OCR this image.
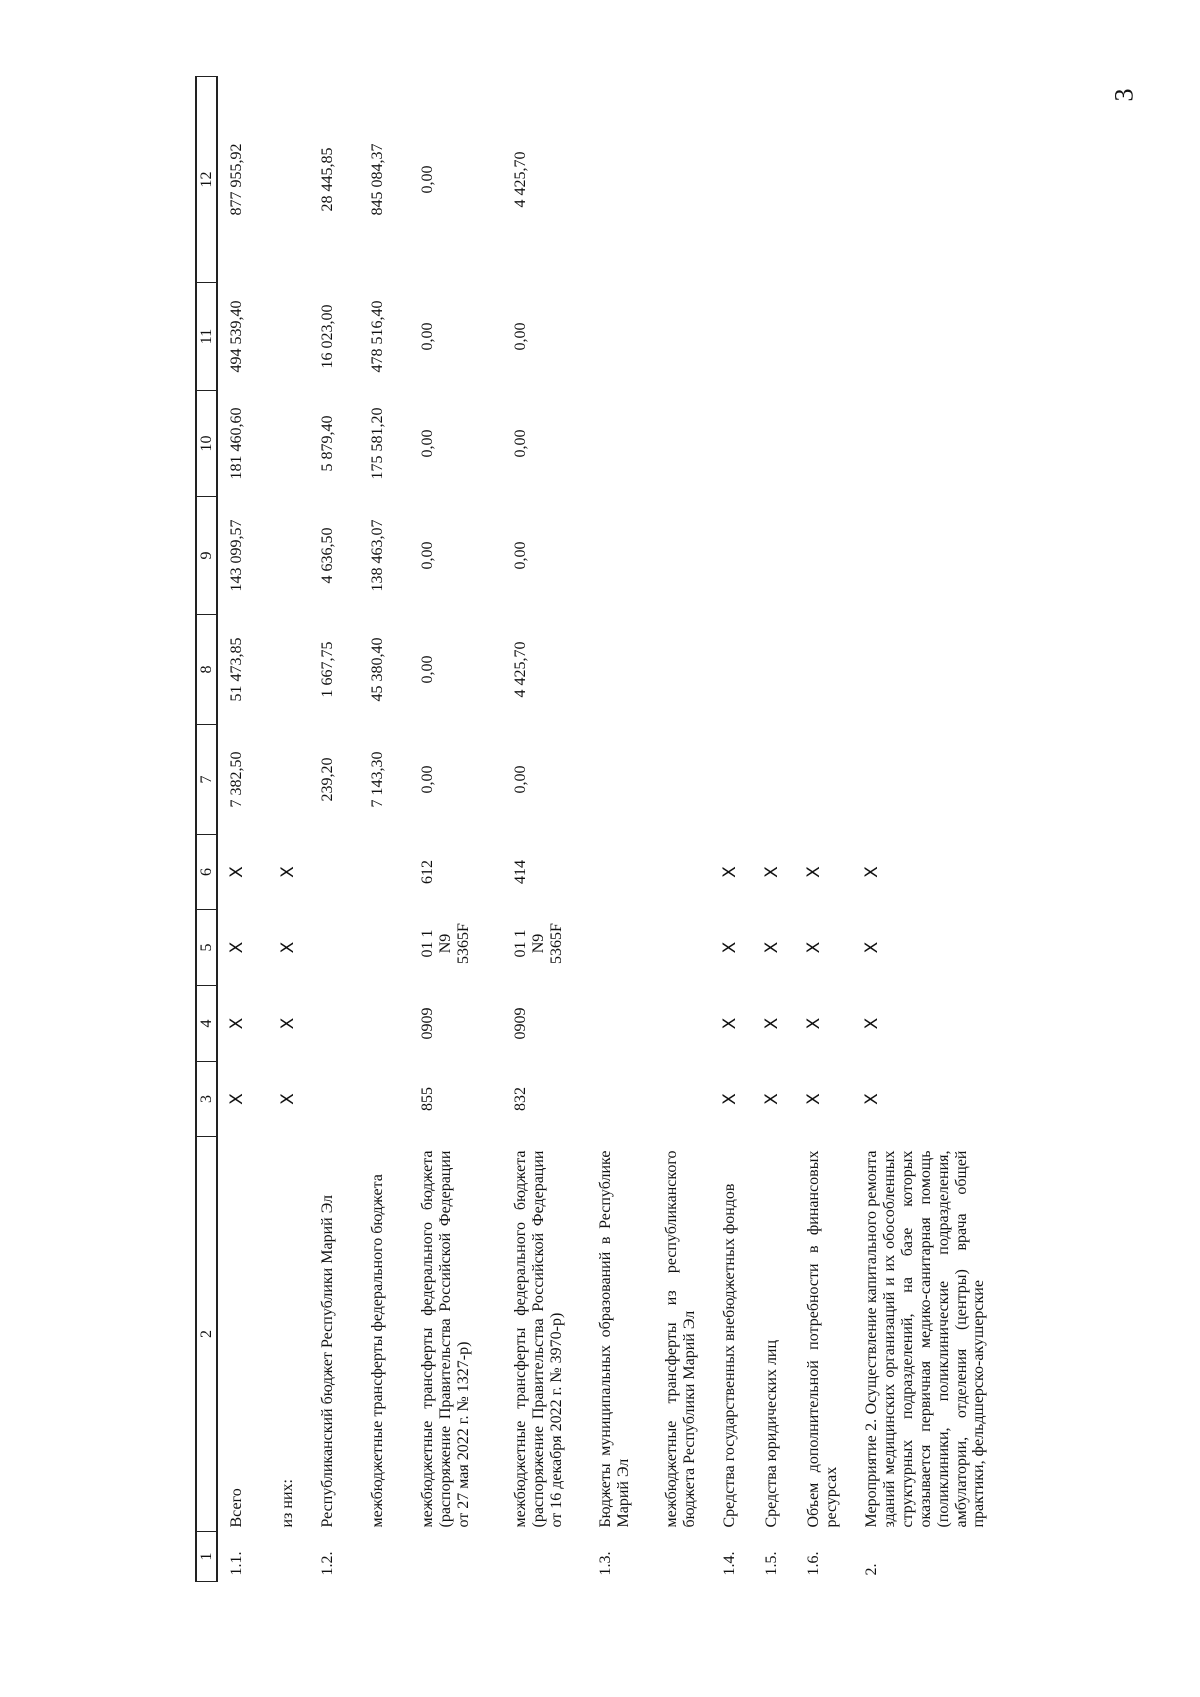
3
1	2	3	4	5	6	7	8	9	10	11	12
1.1.	Всего	X	X	X	X	7 382,50	51 473,85	143 099,57	181 460,60	494 539,40	877 955,92
	из них:	X	X	X	X						
1.2.	Республиканский бюджет Республики Марий Эл					239,20	1 667,75	4 636,50	5 879,40	16 023,00	28 445,85
	межбюджетные трансферты федерального бюджета					7 143,30	45 380,40	138 463,07	175 581,20	478 516,40	845 084,37
	межбюджетные трансферты федерального бюджета (распоряжение Правительства Российской Федерации от 27 мая 2022 г. № 1327-р)	855	0909	01 1 N9 5365F	612	0,00	0,00	0,00	0,00	0,00	0,00
	межбюджетные трансферты федерального бюджета (распоряжение Правительства Российской Федерации от 16 декабря 2022 г. № 3970-р)	832	0909	01 1 N9 5365F	414	0,00	4 425,70	0,00	0,00	0,00	4 425,70
1.3.	Бюджеты муниципальных образований в Республике Марий Эл										
	межбюджетные трансферты из республиканского бюджета Республики Марий Эл										
1.4.	Средства государственных внебюджетных фондов	X	X	X	X						
1.5.	Средства юридических лиц	X	X	X	X						
1.6.	Объем дополнительной потребности в финансовых ресурсах	X	X	X	X						
2.	Мероприятие 2. Осуществление капитального ремонта зданий медицинских организаций и их обособленных структурных подразделений, на базе которых оказывается первичная медико-санитарная помощь (поликлиники, поликлинические подразделения, амбулатории, отделения (центры) врача общей практики, фельдшерско-акушерские	X	X	X	X						
